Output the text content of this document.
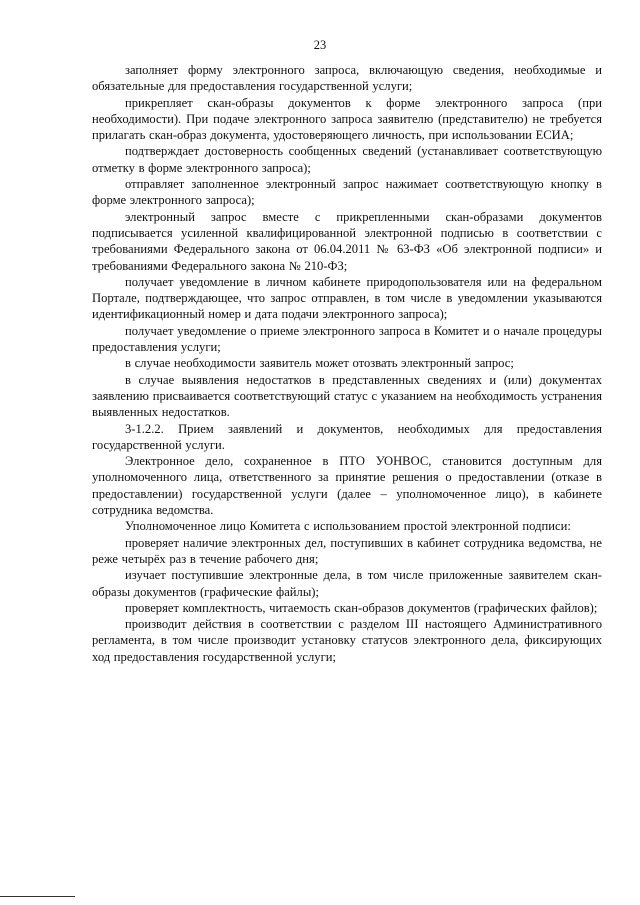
23

заполняет форму электронного запроса, включающую сведения, необходимые и обязательные для предоставления государственной услуги;

прикрепляет скан-образы документов к форме электронного запроса (при необходимости). При подаче электронного запроса заявителю (представителю) не требуется прилагать скан-образ документа, удостоверяющего личность, при использовании ЕСИА;

подтверждает достоверность сообщенных сведений (устанавливает соответствующую отметку в форме электронного запроса);

отправляет заполненное электронный запрос нажимает соответствующую кнопку в форме электронного запроса);

электронный запрос вместе с прикрепленными скан-образами документов подписывается усиленной квалифицированной электронной подписью в соответствии с требованиями Федерального закона от 06.04.2011 № 63-ФЗ «Об электронной подписи» и требованиями Федерального закона № 210-ФЗ;

получает уведомление в личном кабинете природопользователя или на федеральном Портале, подтверждающее, что запрос отправлен, в том числе в уведомлении указываются идентификационный номер и дата подачи электронного запроса);

получает уведомление о приеме электронного запроса в Комитет и о начале процедуры предоставления услуги;

в случае необходимости заявитель может отозвать электронный запрос;

в случае выявления недостатков в представленных сведениях и (или) документах заявлению присваивается соответствующий статус с указанием на необходимость устранения выявленных недостатков.

3-1.2.2. Прием заявлений и документов, необходимых для предоставления государственной услуги.

Электронное дело, сохраненное в ПТО УОНВОС, становится доступным для уполномоченного лица, ответственного за принятие решения о предоставлении (отказе в предоставлении) государственной услуги (далее – уполномоченное лицо), в кабинете сотрудника ведомства.

Уполномоченное лицо Комитета с использованием простой электронной подписи:

проверяет наличие электронных дел, поступивших в кабинет сотрудника ведомства, не реже четырёх раз в течение рабочего дня;

изучает поступившие электронные дела, в том числе приложенные заявителем скан-образы документов (графические файлы);

проверяет комплектность, читаемость скан-образов документов (графических файлов);

производит действия в соответствии с разделом III настоящего Административного регламента, в том числе производит установку статусов электронного дела, фиксирующих ход предоставления государственной услуги;
